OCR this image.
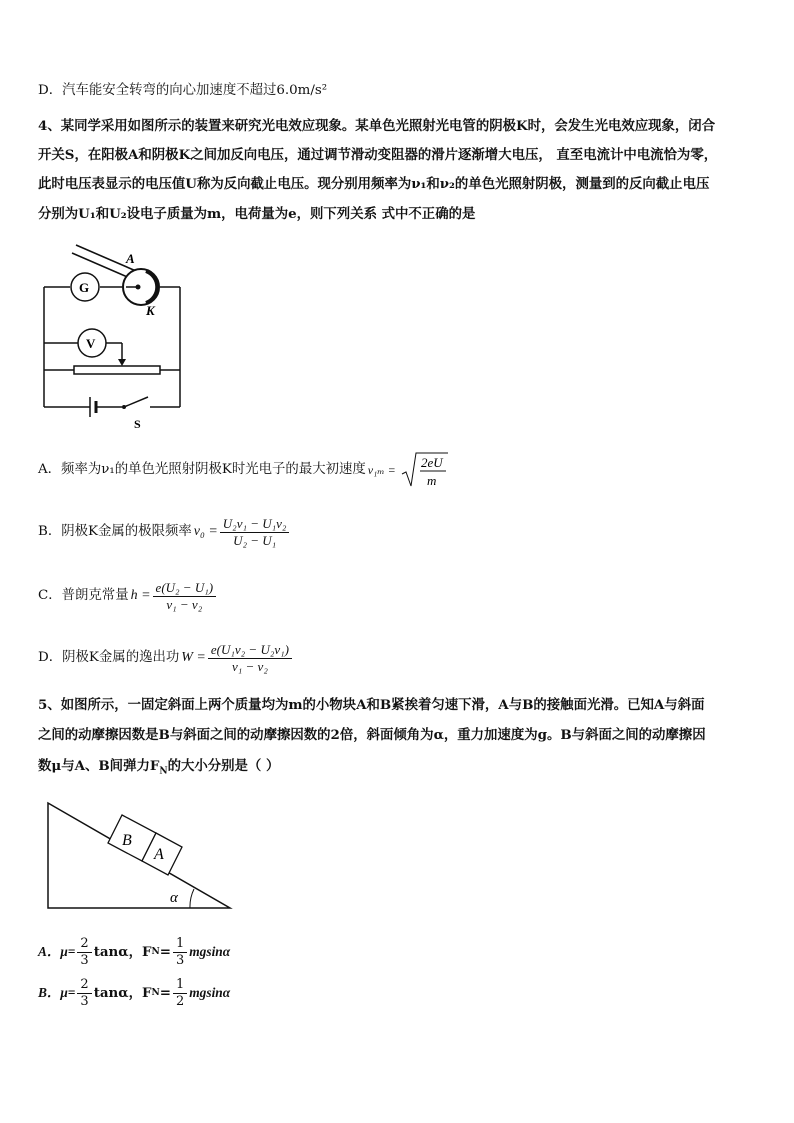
D．汽车能安全转弯的向心加速度不超过6.0m/s²
4、某同学采用如图所示的装置来研究光电效应现象。某单色光照射光电管的阴极K时，会发生光电效应现象，闭合
开关S，在阳极A和阴极K之间加反向电压，通过调节滑动变阻器的滑片逐渐增大电压， 直至电流计中电流恰为零，
此时电压表显示的电压值U称为反向截止电压。现分别用频率为ν₁和ν₂的单色光照射阴极，测量到的反向截止电压
分别为U₁和U₂设电子质量为m，电荷量为e，则下列关系 式中不正确的是
G
A
K
V
S
A．频率为ν₁的单色光照射阴极K时光电子的最大初速度 ν₁ₘ = 2eU
m
B．阴极K金属的极限频率 $\nu_0 = \frac{\text{U₂ν₁ − U₁ν₂}}{\text{U₂ − U₁}}$
C．普朗克常量 $h = \frac{\text{e(U₂ − U₁)}}{\text{ν₁ − ν₂}}$
D．阴极K金属的逸出功 $W = \frac{\text{e(U₁ν₂ − U₂ν₁)}}{\text{ν₁ − ν₂}}$
5、如图所示，一固定斜面上两个质量均为m的小物块A和B紧挨着匀速下滑，A与B的接触面光滑。已知A与斜面
之间的动摩擦因数是B与斜面之间的动摩擦因数的2倍，斜面倾角为α，重力加速度为g。B与斜面之间的动摩擦因
数μ与A、B间弹力$F_N$的大小分别是（ ）
B
A
α
A．$\mu= \frac{2}{3}$ tanα，F $N = \frac{1}{3}$ mgsinα
B．$\mu= \frac{2}{3}$ tanα，F $N = \frac{1}{2}$ mgsinα
